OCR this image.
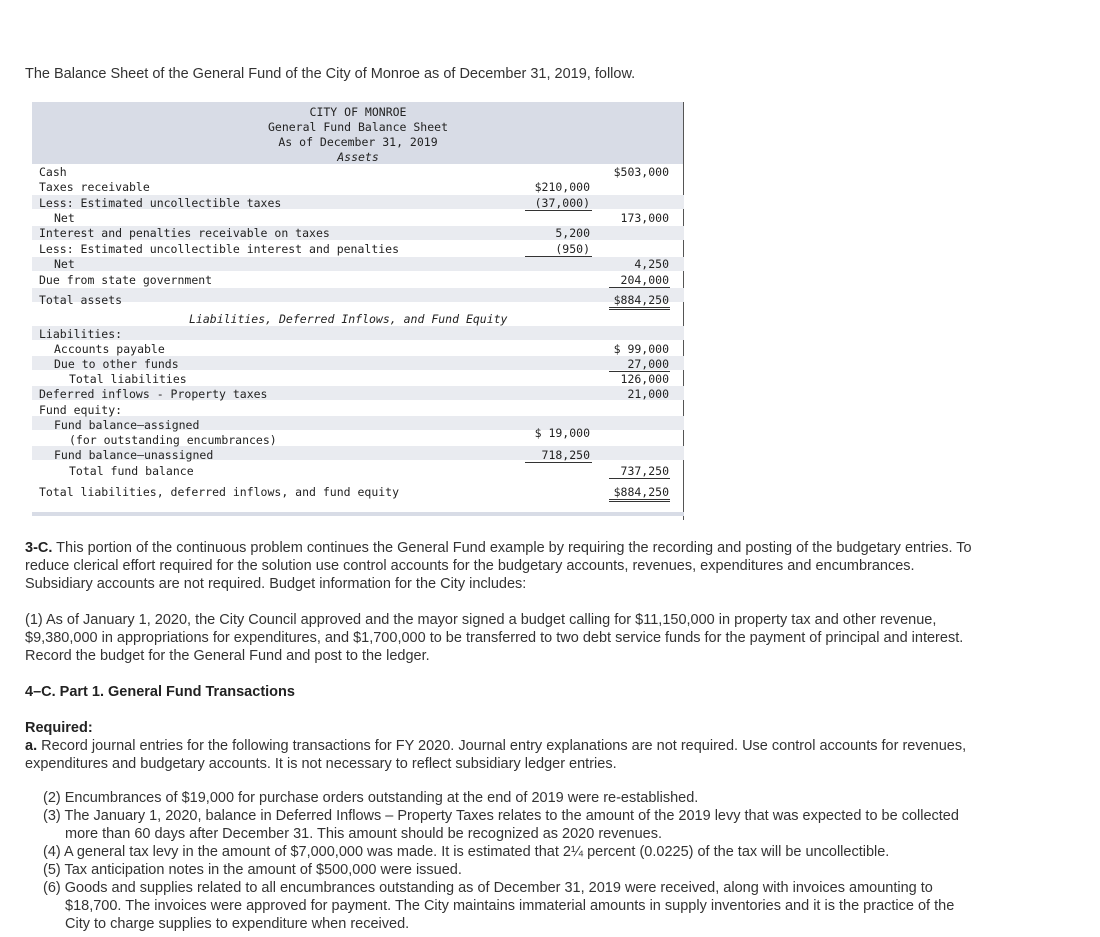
The Balance Sheet of the General Fund of the City of Monroe as of December 31, 2019, follow.
CITY OF MONROE
General Fund Balance Sheet
As of December 31, 2019
Assets
Cash	$503,000
Taxes receivable	$210,000
Less: Estimated uncollectible taxes	(37,000)
Net	173,000
Interest and penalties receivable on taxes	5,200
Less: Estimated uncollectible interest and penalties	(950)
Net	4,250
Due from state government	204,000
Total assets	$884,250
Liabilities, Deferred Inflows, and Fund Equity
Liabilities:
Accounts payable	$ 99,000
Due to other funds	27,000
Total liabilities	126,000
Deferred inflows - Property taxes	21,000
Fund equity:
Fund balance—assigned
(for outstanding encumbrances)	$ 19,000
Fund balance—unassigned	718,250
Total fund balance	737,250
Total liabilities, deferred inflows, and fund equity	$884,250
3-C. This portion of the continuous problem continues the General Fund example by requiring the recording and posting of the budgetary entries. To reduce clerical effort required for the solution use control accounts for the budgetary accounts, revenues, expenditures and encumbrances. Subsidiary accounts are not required. Budget information for the City includes:
(1) As of January 1, 2020, the City Council approved and the mayor signed a budget calling for $11,150,000 in property tax and other revenue, $9,380,000 in appropriations for expenditures, and $1,700,000 to be transferred to two debt service funds for the payment of principal and interest. Record the budget for the General Fund and post to the ledger.
4–C. Part 1. General Fund Transactions
Required:
a. Record journal entries for the following transactions for FY 2020. Journal entry explanations are not required. Use control accounts for revenues, expenditures and budgetary accounts. It is not necessary to reflect subsidiary ledger entries.

(2) Encumbrances of $19,000 for purchase orders outstanding at the end of 2019 were re-established.

(3) The January 1, 2020, balance in Deferred Inflows – Property Taxes relates to the amount of the 2019 levy that was expected to be collected more than 60 days after December 31. This amount should be recognized as 2020 revenues.

(4) A general tax levy in the amount of $7,000,000 was made. It is estimated that 2¼ percent (0.0225) of the tax will be uncollectible.

(5) Tax anticipation notes in the amount of $500,000 were issued.

(6) Goods and supplies related to all encumbrances outstanding as of December 31, 2019 were received, along with invoices amounting to $18,700. The invoices were approved for payment. The City maintains immaterial amounts in supply inventories and it is the practice of the City to charge supplies to expenditure when received.
